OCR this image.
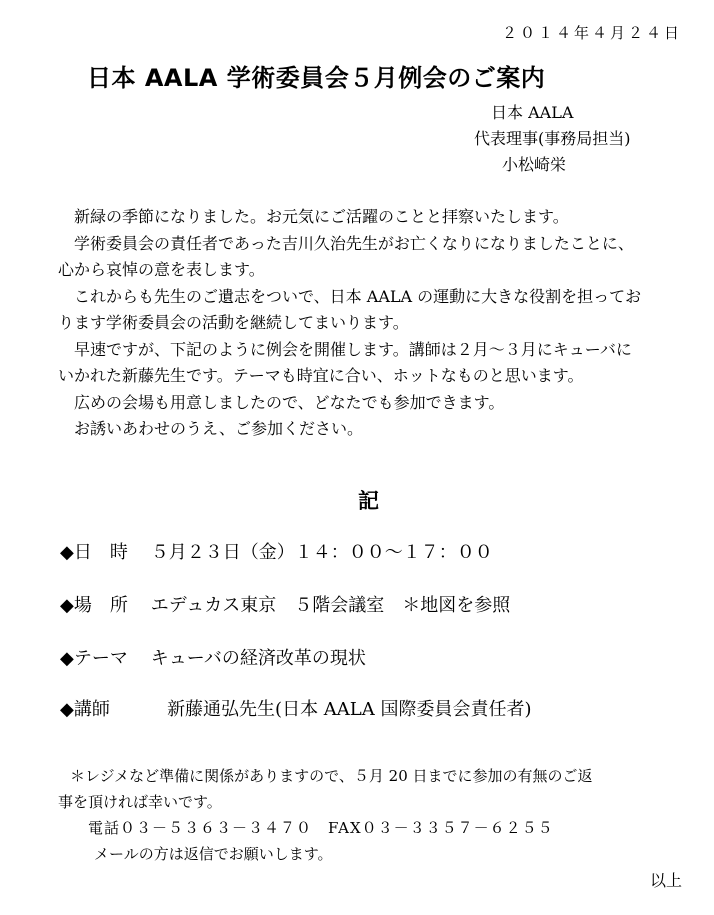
２０１４年４月２４日
日本 AALA 学術委員会５月例会のご案内
日本 AALA
代表理事(事務局担当)
小松崎栄
　新緑の季節になりました。お元気にご活躍のことと拝察いたします。
　学術委員会の責任者であった吉川久治先生がお亡くなりになりましたことに、
心から哀悼の意を表します。
　これからも先生のご遺志をついで、日本 AALA の運動に大きな役割を担ってお
ります学術委員会の活動を継続してまいります。
　早速ですが、下記のように例会を開催します。講師は２月～３月にキューバに
いかれた新藤先生です。テーマも時宜に合い、ホットなものと思います。
　広めの会場も用意しましたので、どなたでも参加できます。
　お誘いあわせのうえ、ご参加ください。
記
◆日　時 ５月２３日（金）１４：００～１７：００
◆場　所 エデュカス東京　５階会議室　＊地図を参照
◆テーマ キューバの経済改革の現状
◆講師	新藤通弘先生(日本 AALA 国際委員会責任者)
＊レジメなど準備に関係がありますので、５月 20 日までに参加の有無のご返
事を頂ければ幸いです。
電話０３－５３６３－３４７０　FAX０３－３３５７－６２５５
メールの方は返信でお願いします。
以上
